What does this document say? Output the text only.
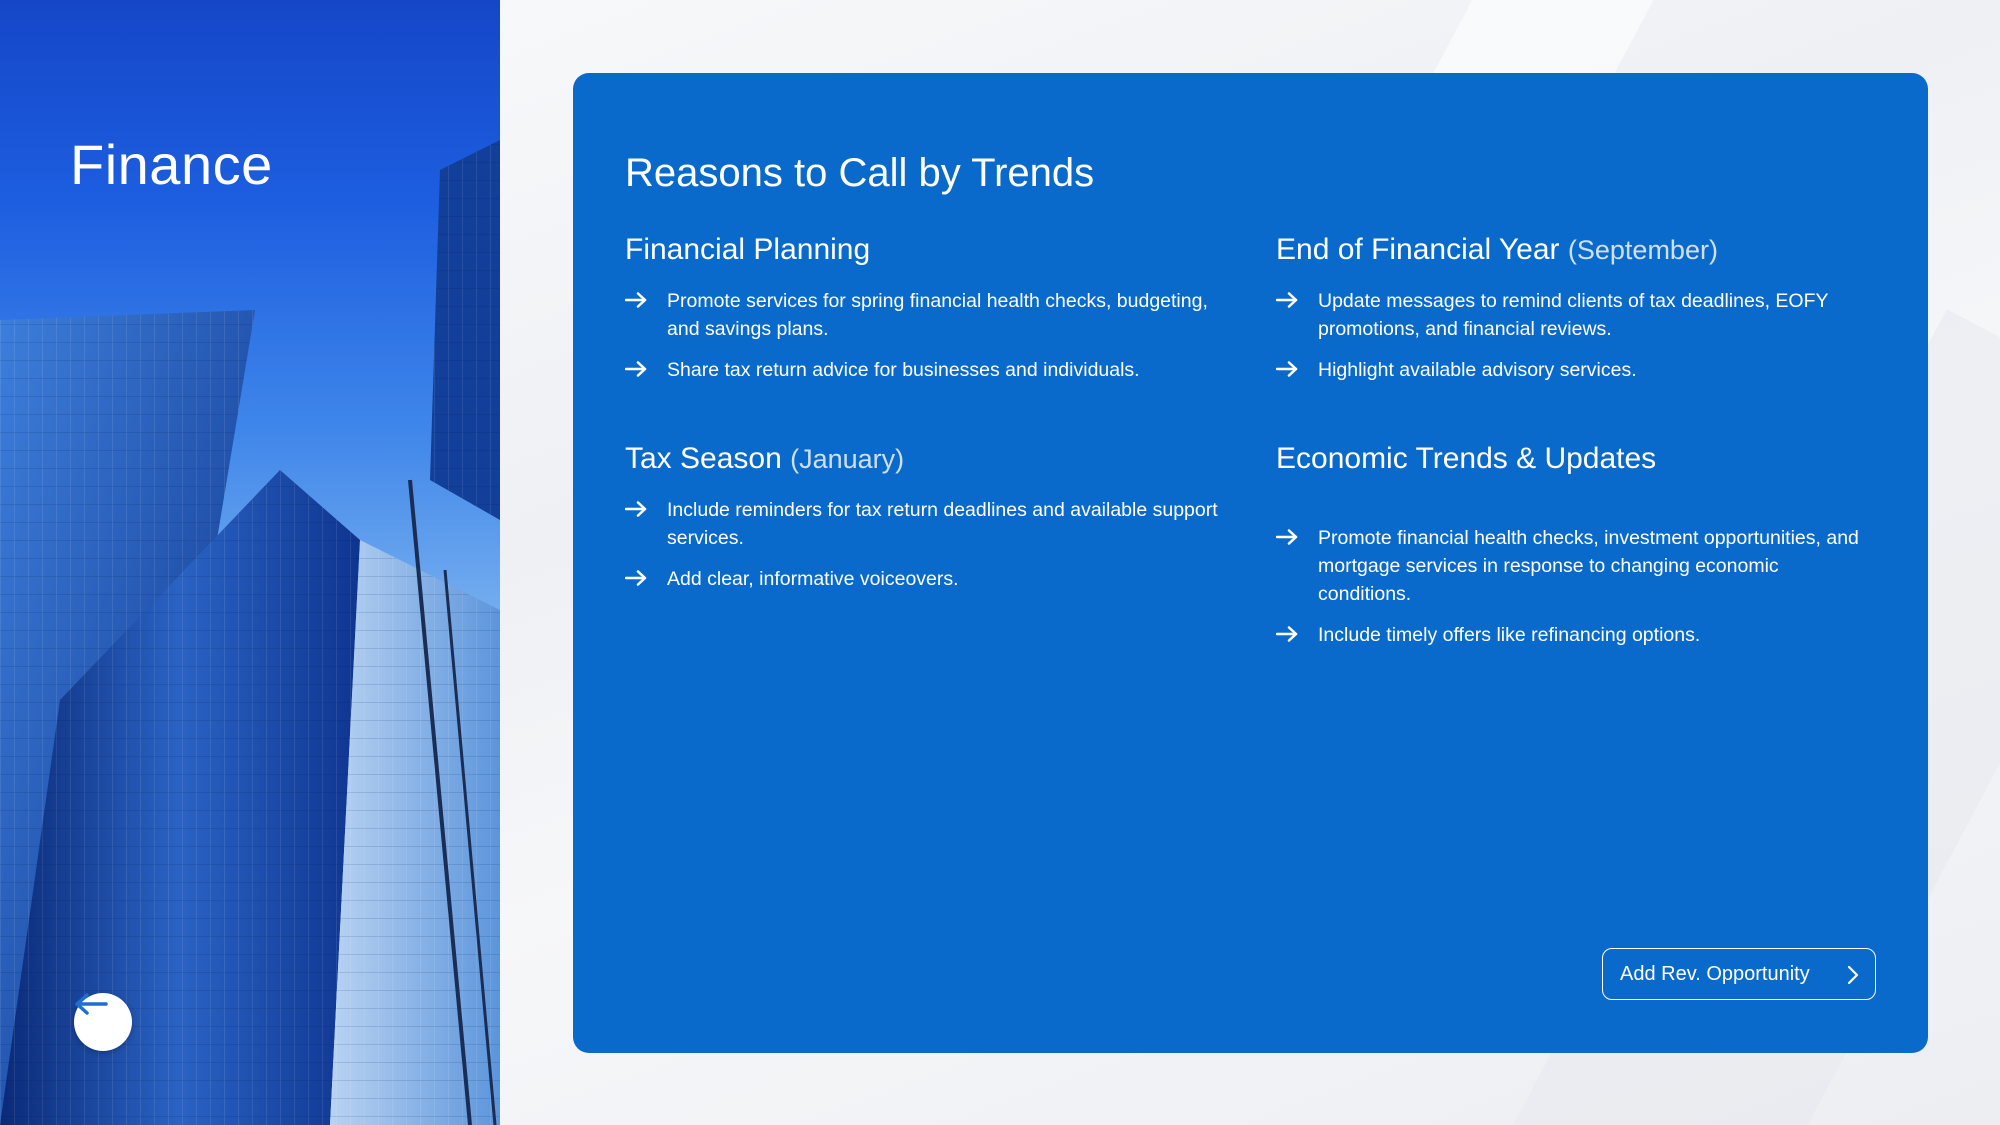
Finance	Reasons to Call by Trends
Financial Planning
Promote services for spring financial health checks, budgeting, and savings plans.
Share tax return advice for businesses and individuals.
End of Financial Year (September)
Update messages to remind clients of tax deadlines, EOFY promotions, and financial reviews.
Highlight available advisory services.
Tax Season (January)
Include reminders for tax return deadlines and available support services.
Add clear, informative voiceovers.
Economic Trends & Updates
Promote financial health checks, investment opportunities, and mortgage services in response to changing economic conditions.
Include timely offers like refinancing options.
Add Rev. Opportunity
